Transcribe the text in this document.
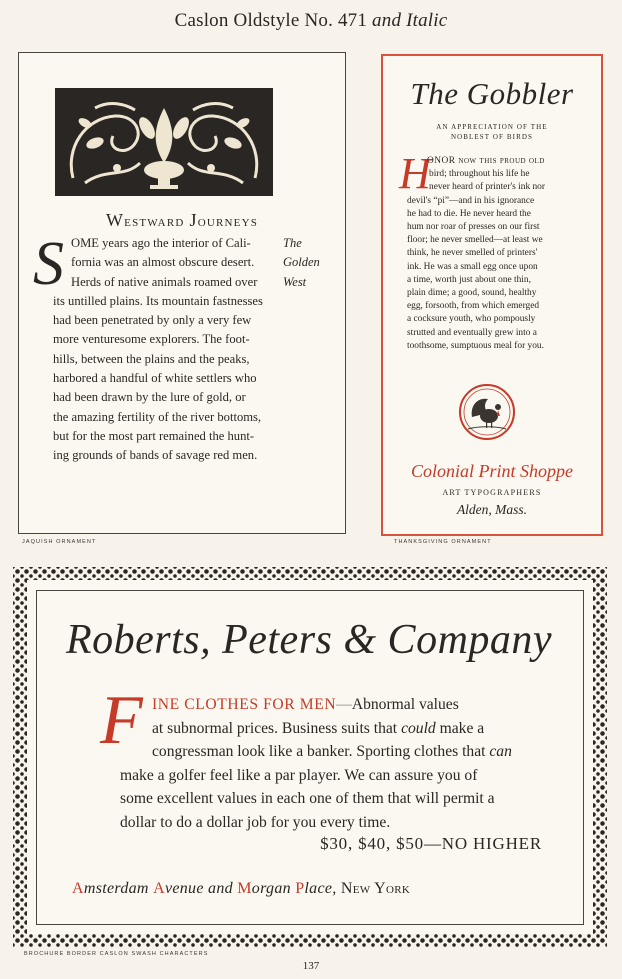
Caslon Oldstyle No. 471 and Italic
Westward Journeys
S OME years ago the interior of Cali-
fornia was an almost obscure desert.
Herds of native animals roamed over
its untilled plains. Its mountain fastnesses
had been penetrated by only a very few
more venturesome explorers. The foot-
hills, between the plains and the peaks,
harbored a handful of white settlers who
had been drawn by the lure of gold, or
the amazing fertility of the river bottoms,
but for the most part remained the hunt-
ing grounds of bands of savage red men.
The
Golden
West
JAQUISH ORNAMENT	THANKSGIVING ORNAMENT
The Gobbler
AN APPRECIATION OF THE
NOBLEST OF BIRDS
H
ONOR now this proud old
bird; throughout his life he
never heard of printer's ink nor
devil's “pi”—and in his ignorance
he had to die. He never heard the
hum nor roar of presses on our first
floor; he never smelled—at least we
think, he never smelled of printers'
ink. He was a small egg once upon
a time, worth just about one thin,
plain dime; a good, sound, healthy
egg, forsooth, from which emerged
a cocksure youth, who pompously
strutted and eventually grew into a
toothsome, sumptuous meal for you.
Colonial Print Shoppe
ART TYPOGRAPHERS
Alden, Mass.
Roberts, Peters & Company
F INE CLOTHES FOR MEN—Abnormal values
at subnormal prices. Business suits that could make a
congressman look like a banker. Sporting clothes that can
make a golfer feel like a par player. We can assure you of
some excellent values in each one of them that will permit a
dollar to do a dollar job for you every time.
$30, $40, $50—NO HIGHER
Amsterdam Avenue and Morgan Place, New York
BROCHURE BORDER CASLON SWASH CHARACTERS
137
